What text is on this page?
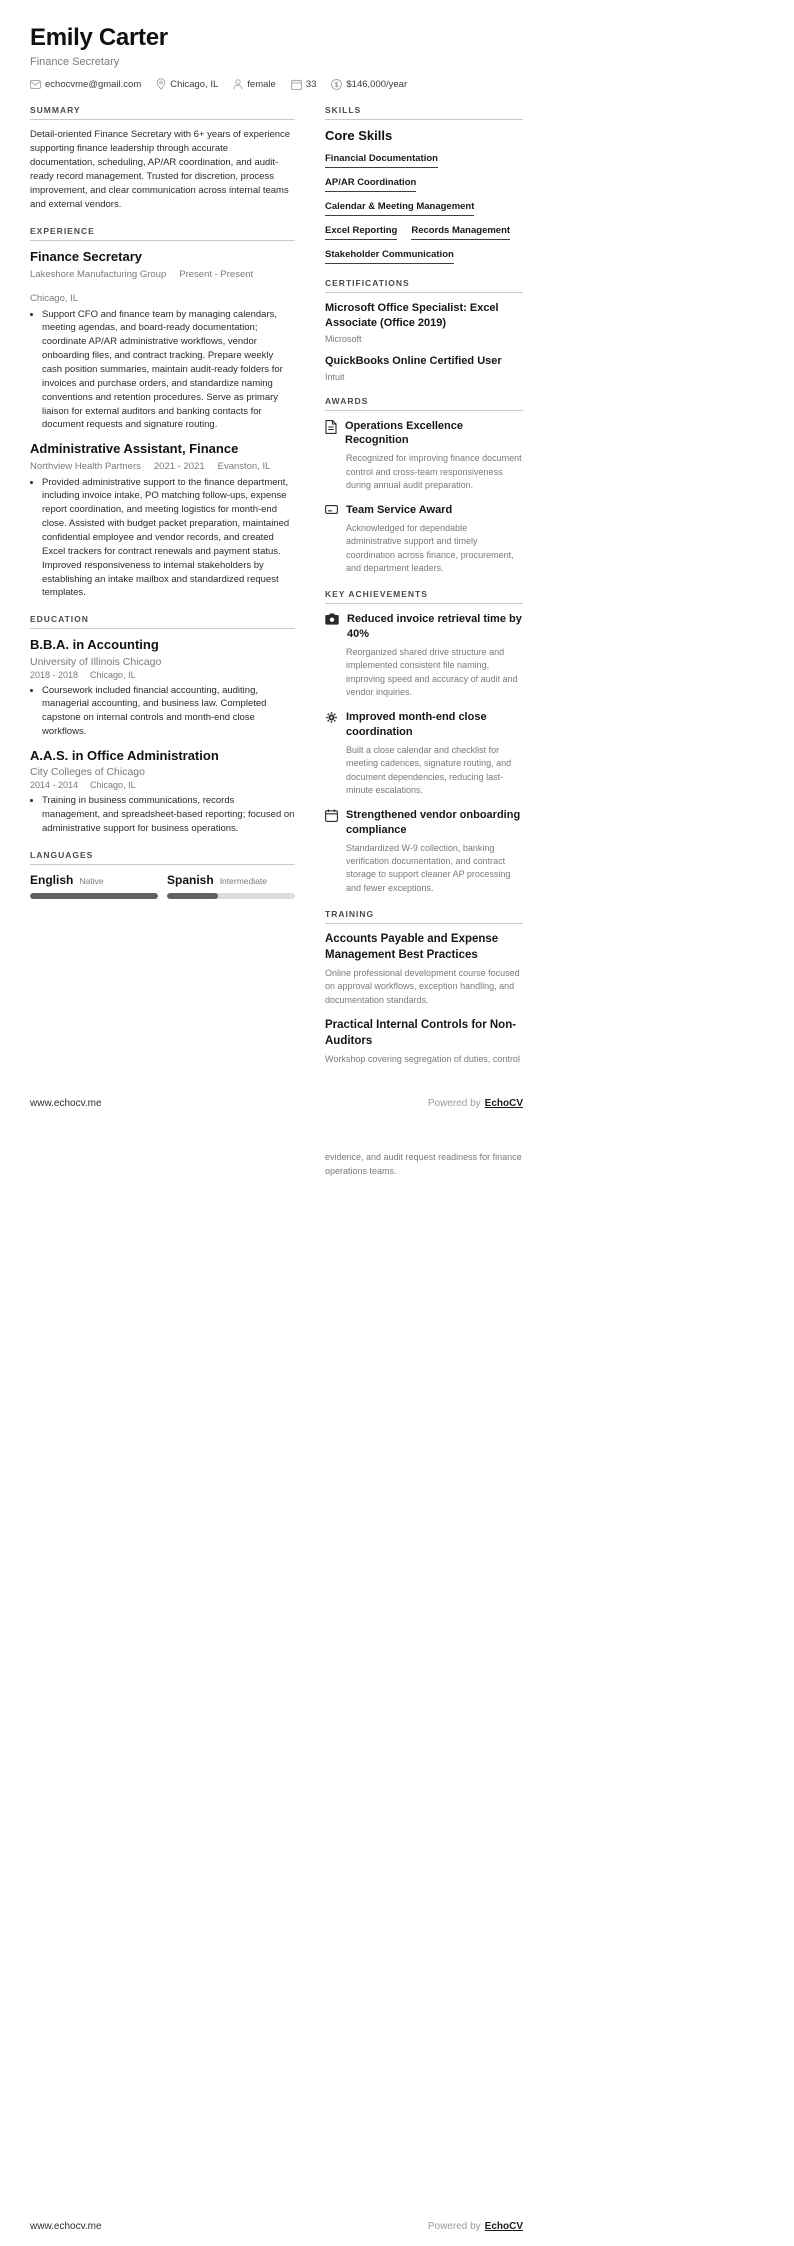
Emily Carter
Finance Secretary
echocvme@gmail.com	Chicago, IL	female	33	$146,000/year
SUMMARY

Detail-oriented Finance Secretary with 6+ years of experience supporting finance leadership through accurate documentation, scheduling, AP/AR coordination, and audit-ready record management. Trusted for discretion, process improvement, and clear communication across internal teams and external vendors.

EXPERIENCE
Finance Secretary
Lakeshore Manufacturing Group Present - Present
Chicago, IL
• Support CFO and finance team by managing calendars, meeting agendas, and board-ready documentation; coordinate AP/AR administrative workflows, vendor onboarding files, and contract tracking. Prepare weekly cash position summaries, maintain audit-ready folders for invoices and purchase orders, and standardize naming conventions and retention procedures. Serve as primary liaison for external auditors and banking contacts for document requests and signature routing.
Administrative Assistant, Finance
Northview Health Partners 2021 - 2021 Evanston, IL
• Provided administrative support to the finance department, including invoice intake, PO matching follow-ups, expense report coordination, and meeting logistics for month-end close. Assisted with budget packet preparation, maintained confidential employee and vendor records, and created Excel trackers for contract renewals and payment status. Improved responsiveness to internal stakeholders by establishing an intake mailbox and standardized request templates.
EDUCATION
B.B.A. in Accounting
University of Illinois Chicago
2018 - 2018 Chicago, IL
• Coursework included financial accounting, auditing, managerial accounting, and business law. Completed capstone on internal controls and month-end close workflows.
A.A.S. in Office Administration
City Colleges of Chicago
2014 - 2014 Chicago, IL
• Training in business communications, records management, and spreadsheet-based reporting; focused on administrative support for business operations.
LANGUAGES
English Native	Spanish Intermediate
SKILLS
Core Skills
Financial Documentation
AP/AR Coordination
Calendar & Meeting Management
Excel Reporting Records Management
Stakeholder Communication
CERTIFICATIONS
Microsoft Office Specialist: Excel Associate (Office 2019)
Microsoft
QuickBooks Online Certified User
Intuit
AWARDS
Operations Excellence Recognition

Recognized for improving finance document control and cross-team responsiveness during annual audit preparation.

Team Service Award

Acknowledged for dependable administrative support and timely coordination across finance, procurement, and department leaders.

KEY ACHIEVEMENTS
Reduced invoice retrieval time by 40%

Reorganized shared drive structure and implemented consistent file naming, improving speed and accuracy of audit and vendor inquiries.

Improved month-end close coordination

Built a close calendar and checklist for meeting cadences, signature routing, and document dependencies, reducing last-minute escalations.

Strengthened vendor onboarding compliance

Standardized W-9 collection, banking verification documentation, and contract storage to support cleaner AP processing and fewer exceptions.

TRAINING
Accounts Payable and Expense Management Best Practices

Online professional development course focused on approval workflows, exception handling, and documentation standards.

Practical Internal Controls for Non-Auditors

Workshop covering segregation of duties, control

www.echocv.me	Powered by EchoCV

evidence, and audit request readiness for finance operations teams.

www.echocv.me	Powered by EchoCV
